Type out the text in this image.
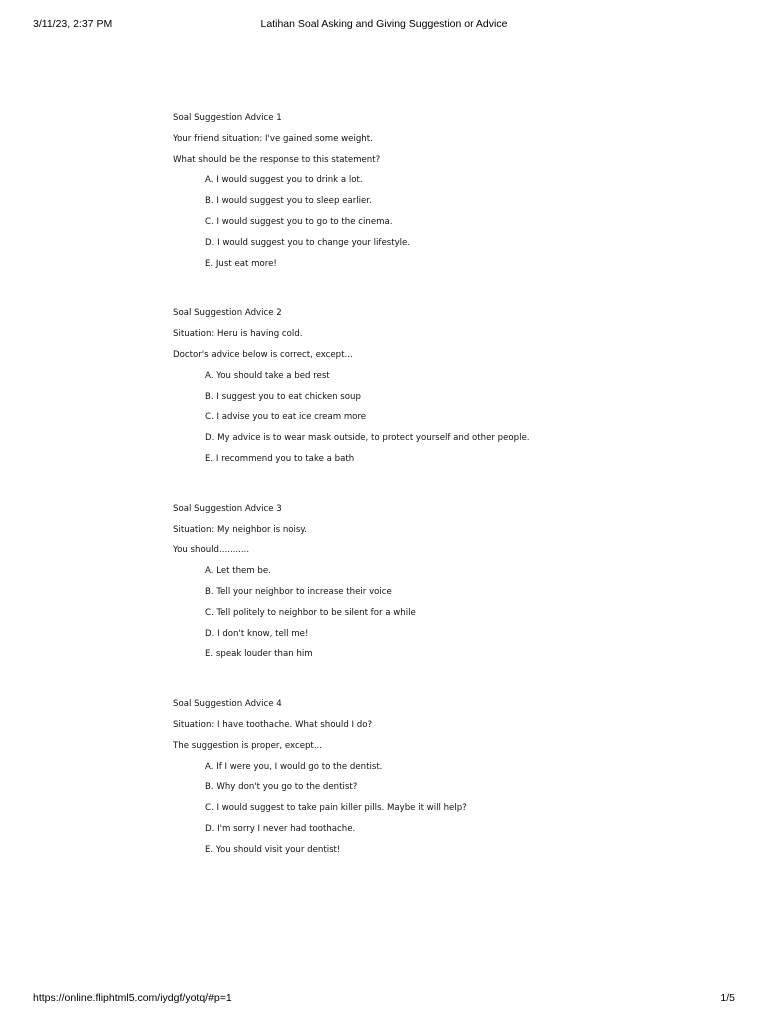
3/11/23, 2:37 PM	Latihan Soal Asking and Giving Suggestion or Advice
Soal Suggestion Advice 1
Your friend situation: I've gained some weight.
What should be the response to this statement?
A. I would suggest you to drink a lot.
B. I would suggest you to sleep earlier.
C. I would suggest you to go to the cinema.
D. I would suggest you to change your lifestyle.
E. Just eat more!
Soal Suggestion Advice 2
Situation: Heru is having cold.
Doctor's advice below is correct, except...
A. You should take a bed rest
B. I suggest you to eat chicken soup
C. I advise you to eat ice cream more
D. My advice is to wear mask outside, to protect yourself and other people.
E. I recommend you to take a bath
Soal Suggestion Advice 3
Situation: My neighbor is noisy.
You should...........
A. Let them be.
B. Tell your neighbor to increase their voice
C. Tell politely to neighbor to be silent for a while
D. I don't know, tell me!
E. speak louder than him
Soal Suggestion Advice 4
Situation: I have toothache. What should I do?
The suggestion is proper, except...
A. If I were you, I would go to the dentist.
B. Why don't you go to the dentist?
C. I would suggest to take pain killer pills. Maybe it will help?
D. I'm sorry I never had toothache.
E. You should visit your dentist!
https://online.fliphtml5.com/iydgf/yotq/#p=1	1/5
